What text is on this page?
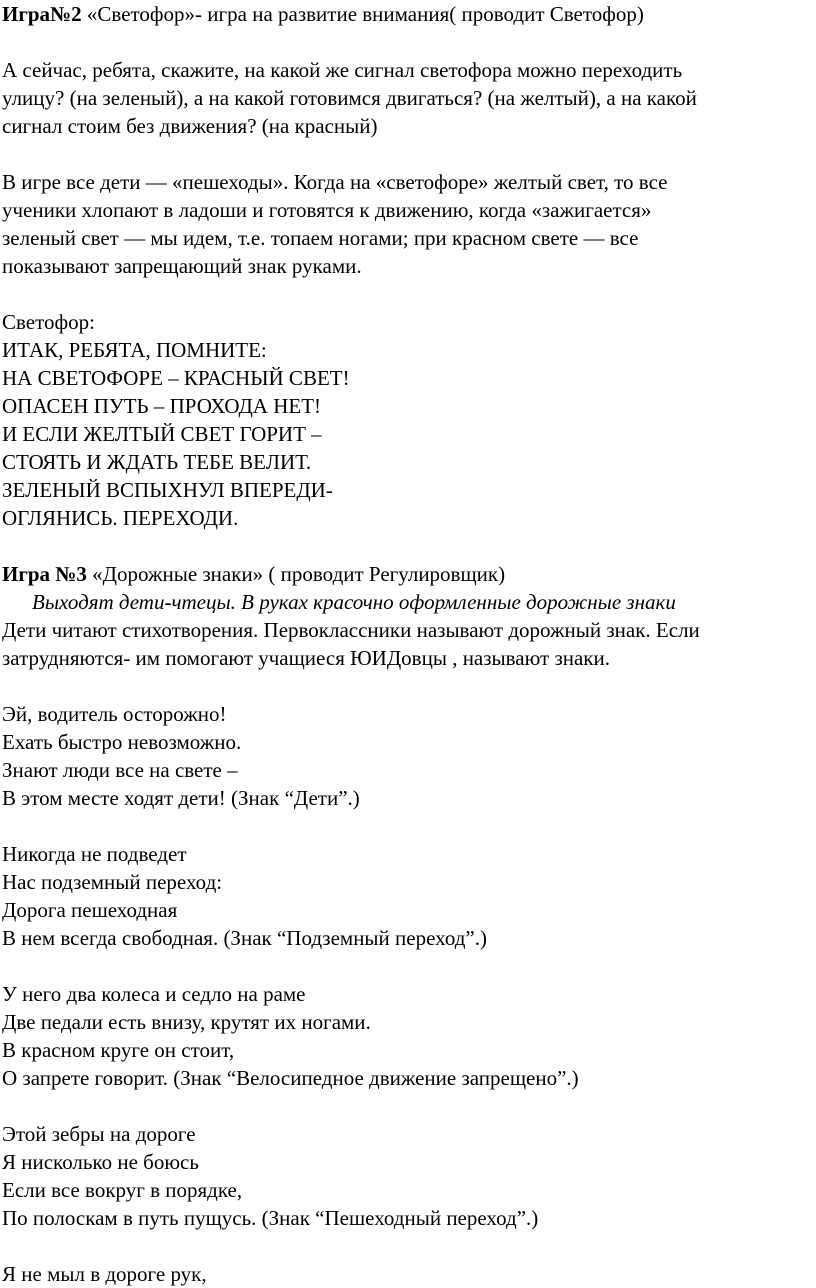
Игра№2 «Светофор»- игра на развитие внимания( проводит Светофор)
А сейчас, ребята, скажите, на какой же сигнал светофора можно переходить
улицу? (на зеленый), а на какой готовимся двигаться? (на желтый), а на какой
сигнал стоим без движения? (на красный)
В игре все дети — «пешеходы». Когда на «светофоре» желтый свет, то все
ученики хлопают в ладоши и готовятся к движению, когда «зажигается»
зеленый свет — мы идем, т.е. топаем ногами; при красном свете — все
показывают запрещающий знак руками.
Светофор:
ИТАК, РЕБЯТА, ПОМНИТЕ:
НА СВЕТОФОРЕ – КРАСНЫЙ СВЕТ!
ОПАСЕН ПУТЬ – ПРОХОДА НЕТ!
И ЕСЛИ ЖЕЛТЫЙ СВЕТ ГОРИТ –
СТОЯТЬ И ЖДАТЬ ТЕБЕ ВЕЛИТ.
ЗЕЛЕНЫЙ ВСПЫХНУЛ ВПЕРЕДИ-
ОГЛЯНИСЬ. ПЕРЕХОДИ.
Игра №3 «Дорожные знаки» ( проводит Регулировщик)
Выходят дети-чтецы. В руках красочно оформленные дорожные знаки
Дети читают стихотворения. Первоклассники называют дорожный знак. Если
затрудняются- им помогают учащиеся ЮИДовцы , называют знаки.
Эй, водитель осторожно!
Ехать быстро невозможно.
Знают люди все на свете –
В этом месте ходят дети! (Знак “Дети”.)
Никогда не подведет
Нас подземный переход:
Дорога пешеходная
В нем всегда свободная. (Знак “Подземный переход”.)
У него два колеса и седло на раме
Две педали есть внизу, крутят их ногами.
В красном круге он стоит,
О запрете говорит. (Знак “Велосипедное движение запрещено”.)
Этой зебры на дороге
Я нисколько не боюсь
Если все вокруг в порядке,
По полоскам в путь пущусь. (Знак “Пешеходный переход”.)
Я не мыл в дороге рук,
